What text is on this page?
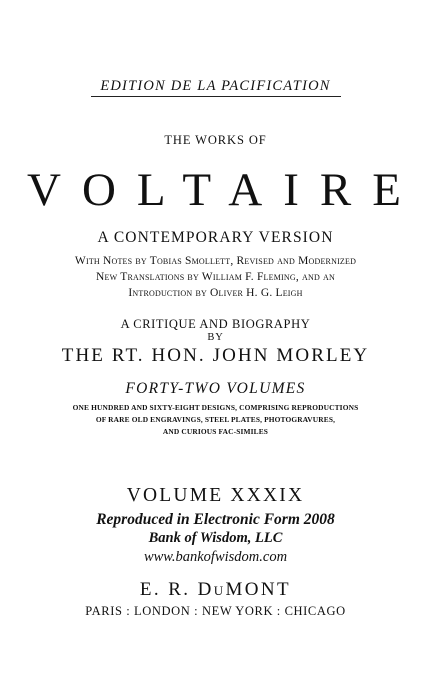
EDITION DE LA PACIFICATION
THE WORKS OF
VOLTAIRE
A CONTEMPORARY VERSION
With Notes by Tobias Smollett, Revised and Modernized
New Translations by William F. Fleming, and an
Introduction by Oliver H. G. Leigh
A CRITIQUE AND BIOGRAPHY
BY
THE RT. HON. JOHN MORLEY
FORTY-TWO VOLUMES
ONE HUNDRED AND SIXTY-EIGHT DESIGNS, COMPRISING REPRODUCTIONS
OF RARE OLD ENGRAVINGS, STEEL PLATES, PHOTOGRAVURES,
AND CURIOUS FAC-SIMILES
VOLUME XXXIX
Reproduced in Electronic Form 2008
Bank of Wisdom, LLC
www.bankofwisdom.com
E. R. DuMONT
PARIS : LONDON : NEW YORK : CHICAGO
